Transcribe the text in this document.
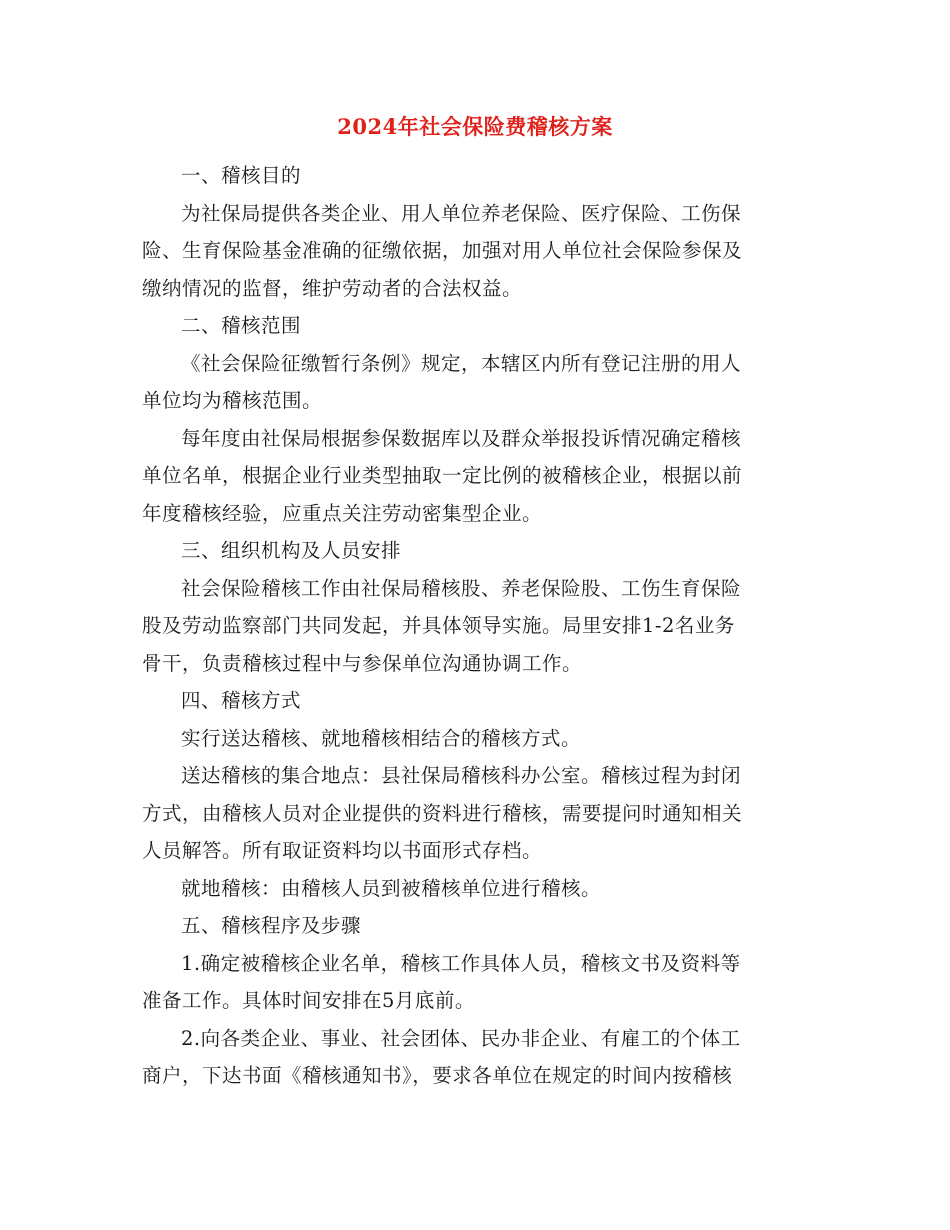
2024年社会保险费稽核方案

一、稽核目的

为社保局提供各类企业、用人单位养老保险、医疗保险、工伤保

险、生育保险基金准确的征缴依据，加强对用人单位社会保险参保及
缴纳情况的监督，维护劳动者的合法权益。

二、稽核范围

《社会保险征缴暂行条例》规定，本辖区内所有登记注册的用人

单位均为稽核范围。

每年度由社保局根据参保数据库以及群众举报投诉情况确定稽核

单位名单，根据企业行业类型抽取一定比例的被稽核企业，根据以前
年度稽核经验，应重点关注劳动密集型企业。

三、组织机构及人员安排

社会保险稽核工作由社保局稽核股、养老保险股、工伤生育保险

股及劳动监察部门共同发起，并具体领导实施。局里安排1-2名业务
骨干，负责稽核过程中与参保单位沟通协调工作。

四、稽核方式

实行送达稽核、就地稽核相结合的稽核方式。

送达稽核的集合地点：县社保局稽核科办公室。稽核过程为封闭

方式，由稽核人员对企业提供的资料进行稽核，需要提问时通知相关
人员解答。所有取证资料均以书面形式存档。

就地稽核：由稽核人员到被稽核单位进行稽核。

五、稽核程序及步骤

1.确定被稽核企业名单，稽核工作具体人员，稽核文书及资料等

准备工作。具体时间安排在5月底前。

2.向各类企业、事业、社会团体、民办非企业、有雇工的个体工

商户，下达书面《稽核通知书》，要求各单位在规定的时间内按稽核
